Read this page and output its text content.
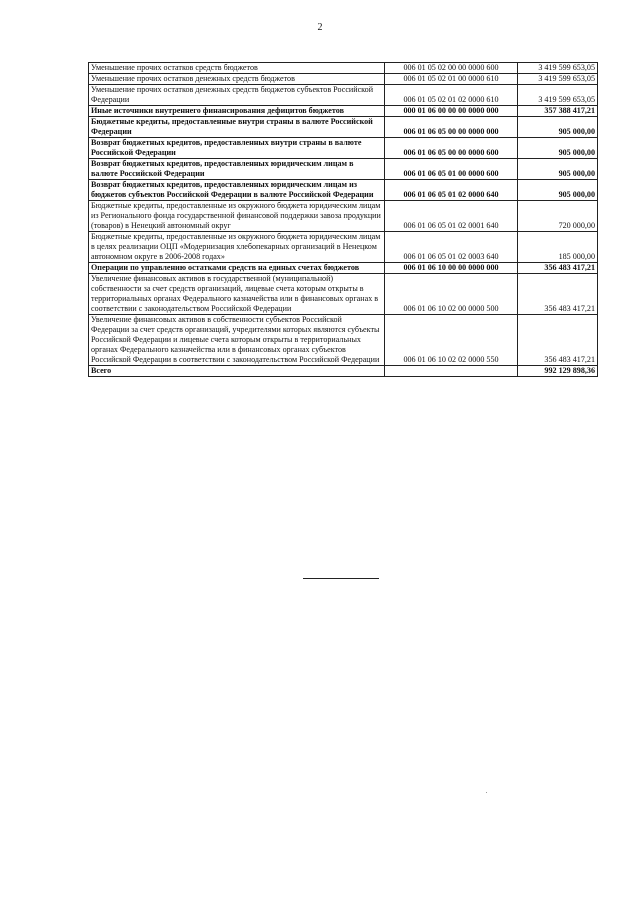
2
Уменьшение прочих остатков средств бюджетов	006 01 05 02 00 00 0000 600	3 419 599 653,05
Уменьшение прочих остатков денежных средств бюджетов	006 01 05 02 01 00 0000 610	3 419 599 653,05
Уменьшение прочих остатков денежных средств бюджетов субъектов Российской Федерации	006 01 05 02 01 02 0000 610	3 419 599 653,05
Иные источники внутреннего финансирования дефицитов бюджетов	000 01 06 00 00 00 0000 000	357 388 417,21
Бюджетные кредиты, предоставленные внутри страны в валюте Российской Федерации	006 01 06 05 00 00 0000 000	905 000,00
Возврат бюджетных кредитов, предоставленных внутри страны в валюте Российской Федерации	006 01 06 05 00 00 0000 600	905 000,00
Возврат бюджетных кредитов, предоставленных юридическим лицам в валюте Российской Федерации	006 01 06 05 01 00 0000 600	905 000,00
Возврат бюджетных кредитов, предоставленных юридическим лицам из бюджетов субъектов Российской Федерации в валюте Российской Федерации	006 01 06 05 01 02 0000 640	905 000,00
Бюджетные кредиты, предоставленные из окружного бюджета юридическим лицам из Регионального фонда государственной финансовой поддержки завоза продукции (товаров) в Ненецкий автономный округ	006 01 06 05 01 02 0001 640	720 000,00
Бюджетные кредиты, предоставленные из окружного бюджета юридическим лицам в целях реализации ОЦП «Модернизация хлебопекарных организаций в Ненецком автономном округе в 2006-2008 годах»	006 01 06 05 01 02 0003 640	185 000,00
Операции по управлению остатками средств на единых счетах бюджетов	006 01 06 10 00 00 0000 000	356 483 417,21
Увеличение финансовых активов в государственной (муниципальной) собственности за счет средств организаций, лицевые счета которым открыты в территориальных органах Федерального казначейства или в финансовых органах в соответствии с законодательством Российской Федерации	006 01 06 10 02 00 0000 500	356 483 417,21
Увеличение финансовых активов в собственности субъектов Российской Федерации за счет средств организаций, учредителями которых являются субъекты Российской Федерации и лицевые счета которым открыты в территориальных органах Федерального казначейства или в финансовых органах субъектов Российской Федерации в соответствии с законодательством Российской Федерации	006 01 06 10 02 02 0000 550	356 483 417,21
Всего		992 129 898,36
